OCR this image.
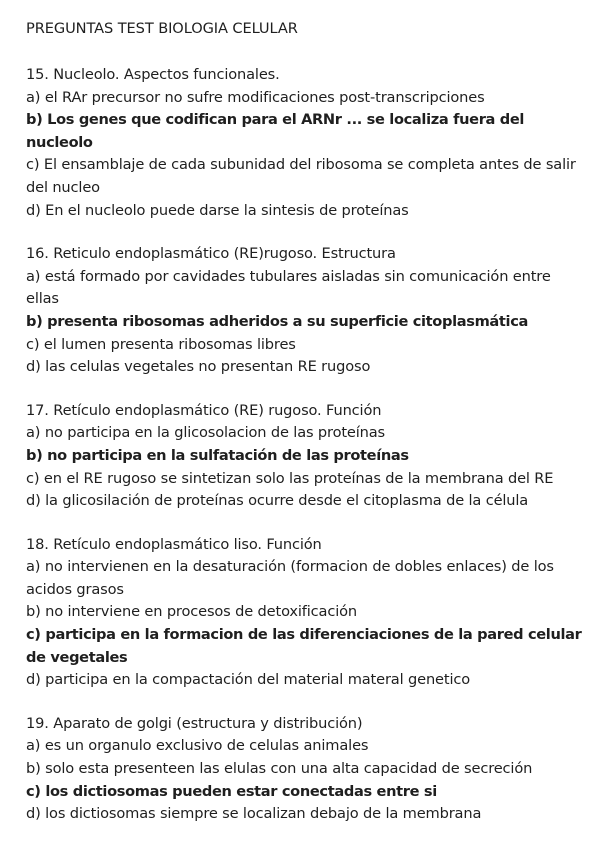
PREGUNTAS TEST BIOLOGIA CELULAR
15. Nucleolo. Aspectos funcionales.
a) el RAr precursor no sufre modificaciones post-transcripciones
b) Los genes que codifican para el ARNr ... se localiza fuera del nucleolo
c) El ensamblaje de cada subunidad del ribosoma se completa antes de salir del nucleo
d) En el nucleolo puede darse la sintesis de proteínas
16. Reticulo endoplasmático (RE)rugoso. Estructura
a) está formado por cavidades tubulares aisladas sin comunicación entre ellas
b) presenta ribosomas adheridos a su superficie citoplasmática
c) el lumen presenta ribosomas libres
d) las celulas vegetales no presentan RE rugoso
17. Retículo endoplasmático (RE) rugoso. Función
a) no participa en la glicosolacion de las proteínas
b) no participa en la sulfatación de las proteínas
c) en el RE rugoso se sintetizan solo las proteínas de la membrana del RE
d) la glicosilación de proteínas ocurre desde el citoplasma de la célula
18. Retículo endoplasmático liso. Función
a) no intervienen en la desaturación (formacion de dobles enlaces) de los acidos grasos
b) no interviene en procesos de detoxificación
c) participa en la formacion de las diferenciaciones de la pared celular de vegetales
d) participa en la compactación del material materal genetico
19. Aparato de golgi (estructura y distribución)
a) es un organulo exclusivo de celulas animales
b) solo esta presenteen las elulas con una alta capacidad de secreción
c) los dictiosomas pueden estar conectadas entre si
d) los dictiosomas siempre se localizan debajo de la membrana
